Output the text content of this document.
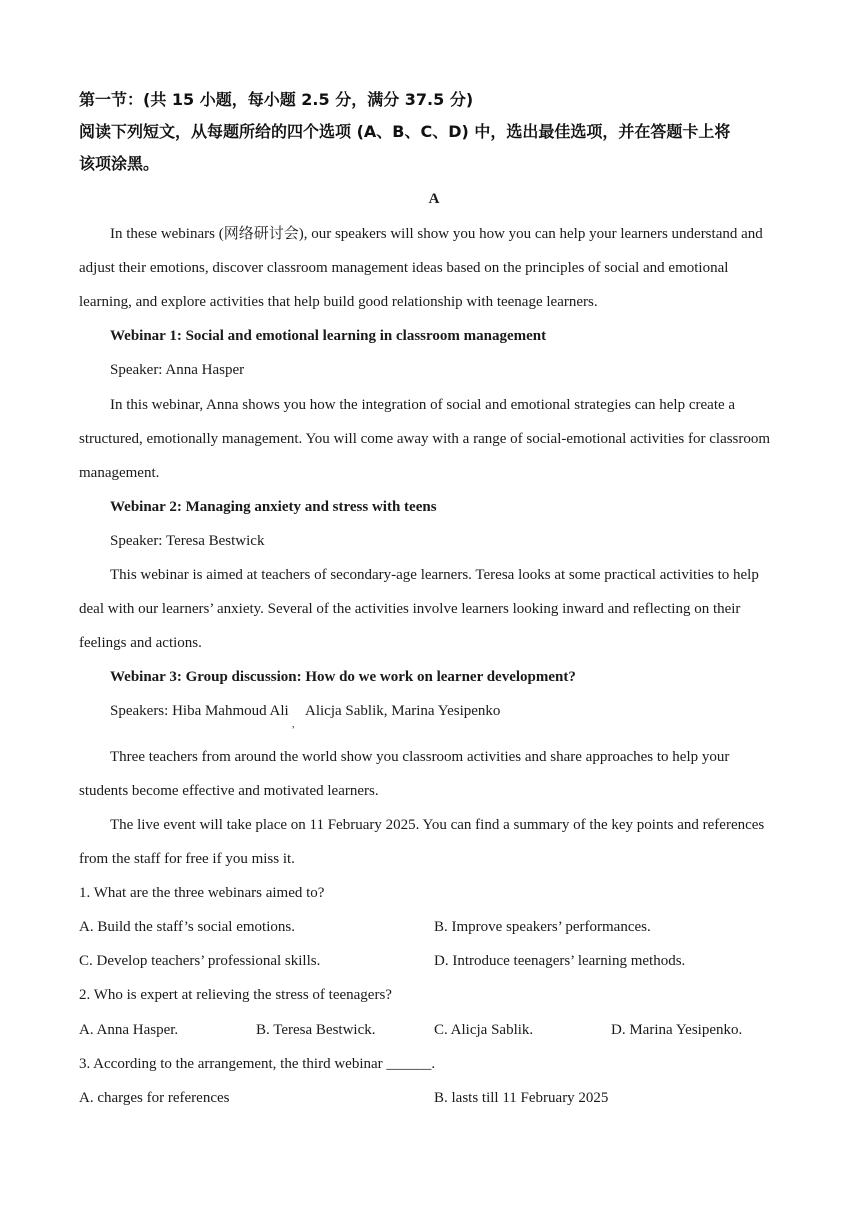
第一节：(共 15 小题，每小题 2.5 分，满分 37.5 分)
阅读下列短文，从每题所给的四个选项 (A、B、C、D) 中，选出最佳选项，并在答题卡上将
该项涂黑。
A
In these webinars (网络研讨会), our speakers will show you how you can help your learners understand and
adjust their emotions, discover classroom management ideas based on the principles of social and emotional
learning, and explore activities that help build good relationship with teenage learners.
Webinar 1: Social and emotional learning in classroom management
Speaker: Anna Hasper
In this webinar, Anna shows you how the integration of social and emotional strategies can help create a
structured, emotionally management. You will come away with a range of social-emotional activities for classroom
management.
Webinar 2: Managing anxiety and stress with teens
Speaker: Teresa Bestwick
This webinar is aimed at teachers of secondary-age learners. Teresa looks at some practical activities to help
deal with our learners’ anxiety. Several of the activities involve learners looking inward and reflecting on their
feelings and actions.
Webinar 3: Group discussion: How do we work on learner development?
Speakers: Hiba Mahmoud Ali
,
Alicja Sablik, Marina Yesipenko
Three teachers from around the world show you classroom activities and share approaches to help your
students become effective and motivated learners.
The live event will take place on 11 February 2025. You can find a summary of the key points and references
from the staff for free if you miss it.
1. What are the three webinars aimed to?
A. Build the staff’s social emotions.	B. Improve speakers’ performances.
C. Develop teachers’ professional skills.	D. Introduce teenagers’ learning methods.
2. Who is expert at relieving the stress of teenagers?
A. Anna Hasper.	B. Teresa Bestwick.	C. Alicja Sablik.	D. Marina Yesipenko.
3. According to the arrangement, the third webinar ______.
A. charges for references	B. lasts till 11 February 2025
